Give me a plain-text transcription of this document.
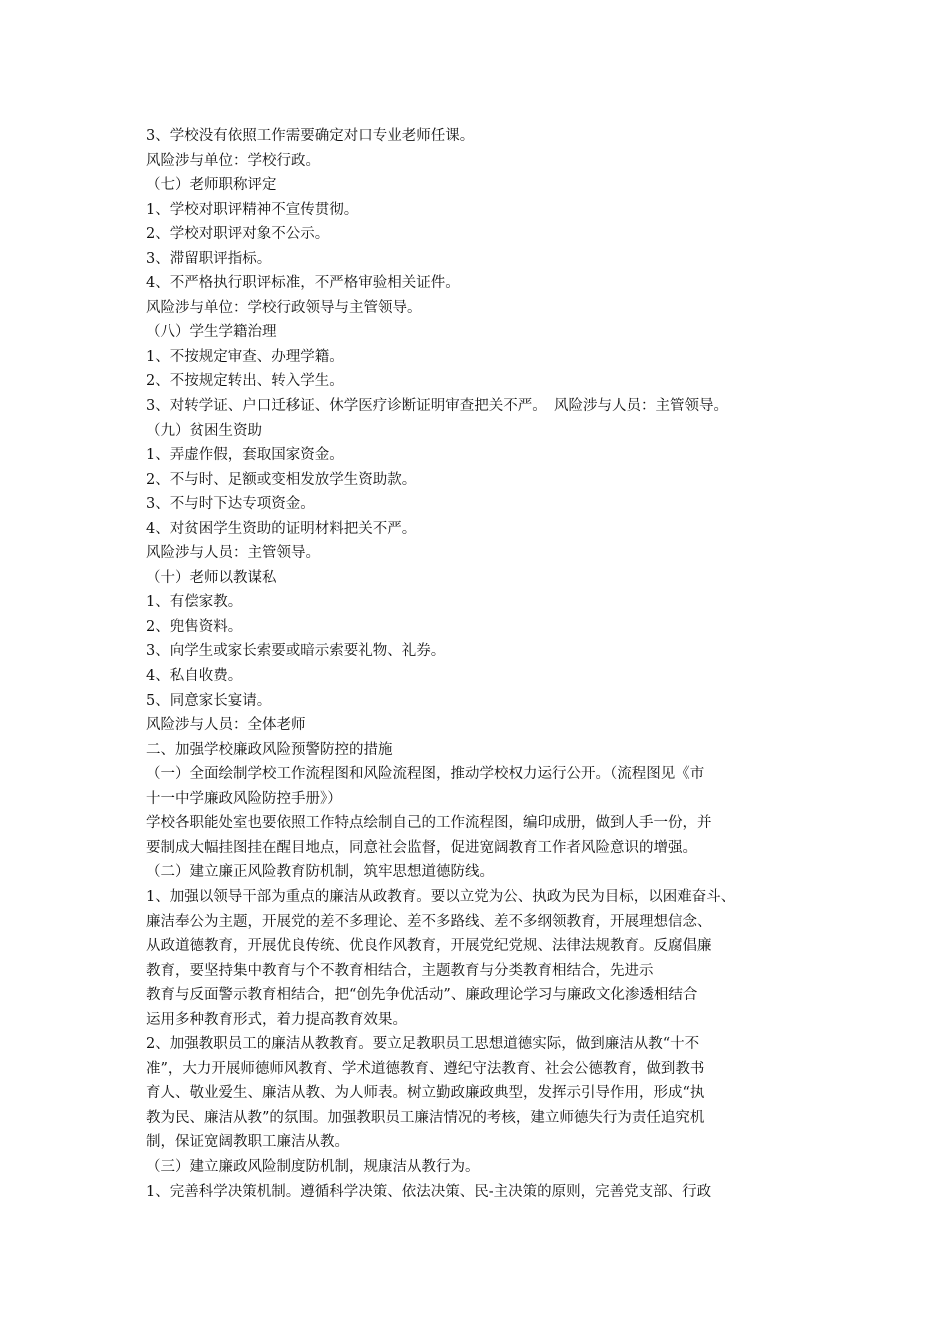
3、学校没有依照工作需要确定对口专业老师任课。
风险涉与单位：学校行政。
（七）老师职称评定
1、学校对职评精神不宣传贯彻。
2、学校对职评对象不公示。
3、滞留职评指标。
4、不严格执行职评标准，不严格审验相关证件。
风险涉与单位：学校行政领导与主管领导。
（八）学生学籍治理
1、不按规定审查、办理学籍。
2、不按规定转出、转入学生。
3、对转学证、户口迁移证、休学医疗诊断证明审查把关不严。　风险涉与人员：主管领导。
（九）贫困生资助
1、弄虚作假，套取国家资金。
2、不与时、足额或变相发放学生资助款。
3、不与时下达专项资金。
4、对贫困学生资助的证明材料把关不严。
风险涉与人员：主管领导。
（十）老师以教谋私
1、有偿家教。
2、兜售资料。
3、向学生或家长索要或暗示索要礼物、礼券。
4、私自收费。
5、同意家长宴请。
风险涉与人员：全体老师
二、加强学校廉政风险预警防控的措施
（一）全面绘制学校工作流程图和风险流程图，推动学校权力运行公开。（流程图见《市
十一中学廉政风险防控手册》）
学校各职能处室也要依照工作特点绘制自己的工作流程图，编印成册，做到人手一份，并
要制成大幅挂图挂在醒目地点，同意社会监督，促进宽阔教育工作者风险意识的增强。
（二）建立廉正风险教育防机制，筑牢思想道德防线。
1、加强以领导干部为重点的廉洁从政教育。要以立党为公、执政为民为目标，以困难奋斗、
廉洁奉公为主题，开展党的差不多理论、差不多路线、差不多纲领教育，开展理想信念、
从政道德教育，开展优良传统、优良作风教育，开展党纪党规、法律法规教育。反腐倡廉
教育，要坚持集中教育与个不教育相结合，主题教育与分类教育相结合，先进示
教育与反面警示教育相结合，把“创先争优活动”、廉政理论学习与廉政文化渗透相结合
运用多种教育形式，着力提高教育效果。
2、加强教职员工的廉洁从教教育。要立足教职员工思想道德实际，做到廉洁从教“十不
准”，大力开展师德师风教育、学术道德教育、遵纪守法教育、社会公德教育，做到教书
育人、敬业爱生、廉洁从教、为人师表。树立勤政廉政典型，发挥示引导作用，形成“执
教为民、廉洁从教”的氛围。加强教职员工廉洁情况的考核，建立师德失行为责任追究机
制，保证宽阔教职工廉洁从教。
（三）建立廉政风险制度防机制，规康洁从教行为。
1、完善科学决策机制。遵循科学决策、依法决策、民-主决策的原则，完善党支部、行政
